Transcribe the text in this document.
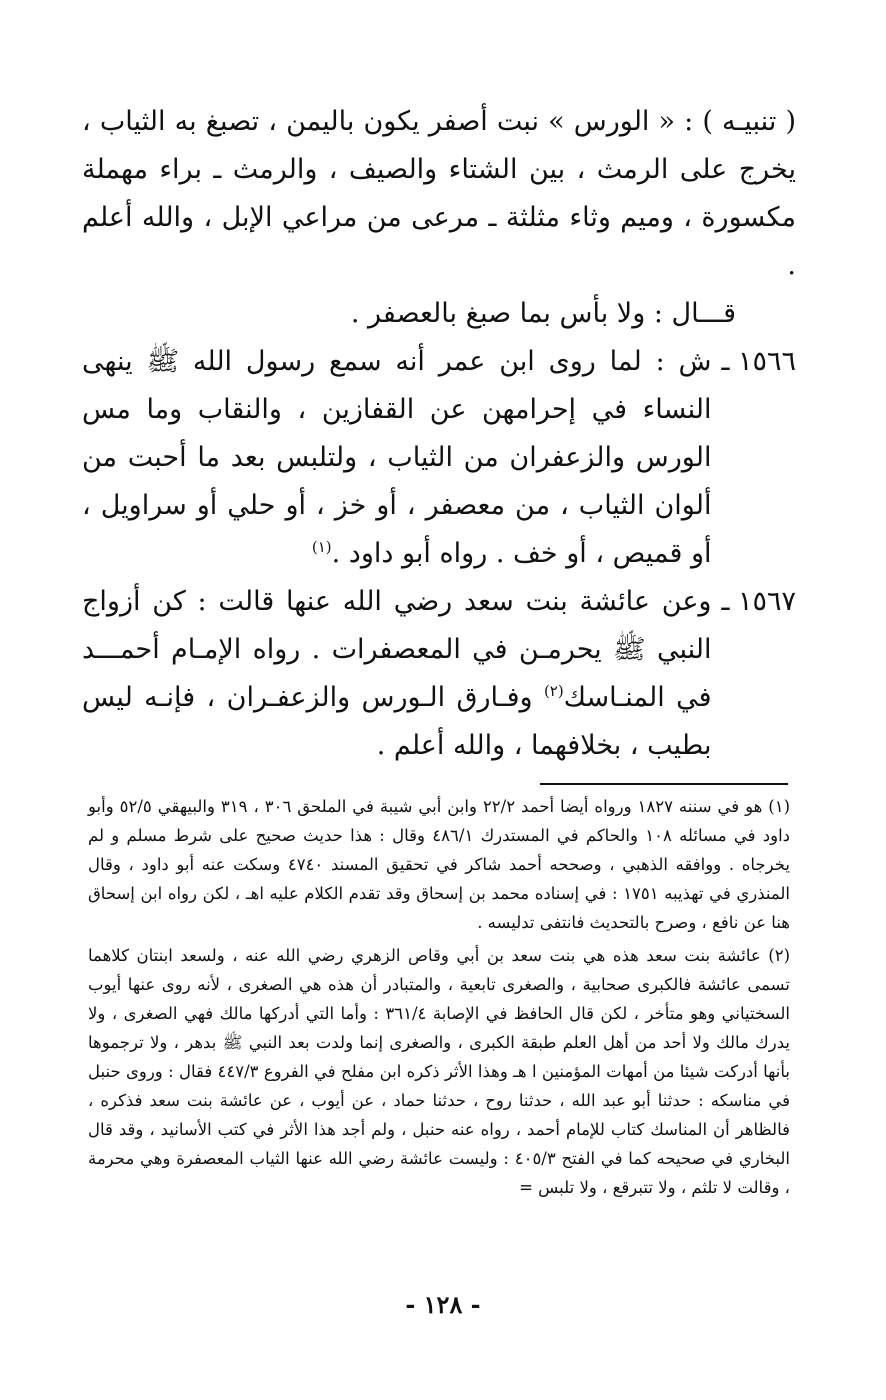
( تنبيـه ) : « الورس » نبت أصفر يكون باليمن ، تصبغ به الثياب ، يخرج على الرمث ، بين الشتاء والصيف ، والرمث ـ براء مهملة مكسورة ، وميم وثاء مثلثة ـ مرعى من مراعي الإبل ، والله أعلم .

قـــال : ولا بأس بما صبغ بالعصفر .

١٥٦٦ ـ
ش : لما روى ابن عمر أنه سمع رسول الله ﷺ ينهى النساء في إحرامهن عن القفازين ، والنقاب وما مس الورس والزعفران من الثياب ، ولتلبس بعد ما أحبت من ألوان الثياب ، من معصفر ، أو خز ، أو حلي أو سراويل ، أو قميص ، أو خف . رواه أبو داود .$^{(١)}$
١٥٦٧ ـ
وعن عائشة بنت سعد رضي الله عنها قالت : كن أزواج النبي ﷺ يحرمـن في المعصفرات . رواه الإمـام أحمـــد في المنـاسك$^{(٢)}$ وفـارق الـورس والزعفـران ، فإنـه ليس بطيب ، بخلافهما ، والله أعلم .

(١) هو في سننه ١٨٢٧ ورواه أيضا أحمد ٢٢/٢ وابن أبي شيبة في الملحق ٣٠٦ ، ٣١٩ والبيهقي ٥٢/٥ وأبو داود في مسائله ١٠٨ والحاكم في المستدرك ٤٨٦/١ وقال : هذا حديث صحيح على شرط مسلم و لم يخرجاه . ووافقه الذهبي ، وصححه أحمد شاكر في تحقيق المسند ٤٧٤٠ وسكت عنه أبو داود ، وقال المنذري في تهذيبه ١٧٥١ : في إسناده محمد بن إسحاق وقد تقدم الكلام عليه اهـ ، لكن رواه ابن إسحاق هنا عن نافع ، وصرح بالتحديث فانتفى تدليسه .

(٢) عائشة بنت سعد هذه هي بنت سعد بن أبي وقاص الزهري رضي الله عنه ، ولسعد ابنتان كلاهما تسمى عائشة فالكبرى صحابية ، والصغرى تابعية ، والمتبادر أن هذه هي الصغرى ، لأنه روى عنها أيوب السختياني وهو متأخر ، لكن قال الحافظ في الإصابة ٣٦١/٤ : وأما التي أدركها مالك فهي الصغرى ، ولا يدرك مالك ولا أحد من أهل العلم طبقة الكبرى ، والصغرى إنما ولدت بعد النبي ﷺ بدهر ، ولا ترجموها بأنها أدركت شيئا من أمهات المؤمنين ا هـ وهذا الأثر ذكره ابن مفلح في الفروع ٤٤٧/٣ فقال : وروى حنبل في مناسكه : حدثنا أبو عبد الله ، حدثنا روح ، حدثنا حماد ، عن أيوب ، عن عائشة بنت سعد فذكره ، فالظاهر أن المناسك كتاب للإمام أحمد ، رواه عنه حنبل ، ولم أجد هذا الأثر في كتب الأسانيد ، وقد قال البخاري في صحيحه كما في الفتح ٤٠٥/٣ : وليست عائشة رضي الله عنها الثياب المعصفرة وهي محرمة ، وقالت لا تلثم ، ولا تتبرقع ، ولا تلبس =

- ١٢٨ -
